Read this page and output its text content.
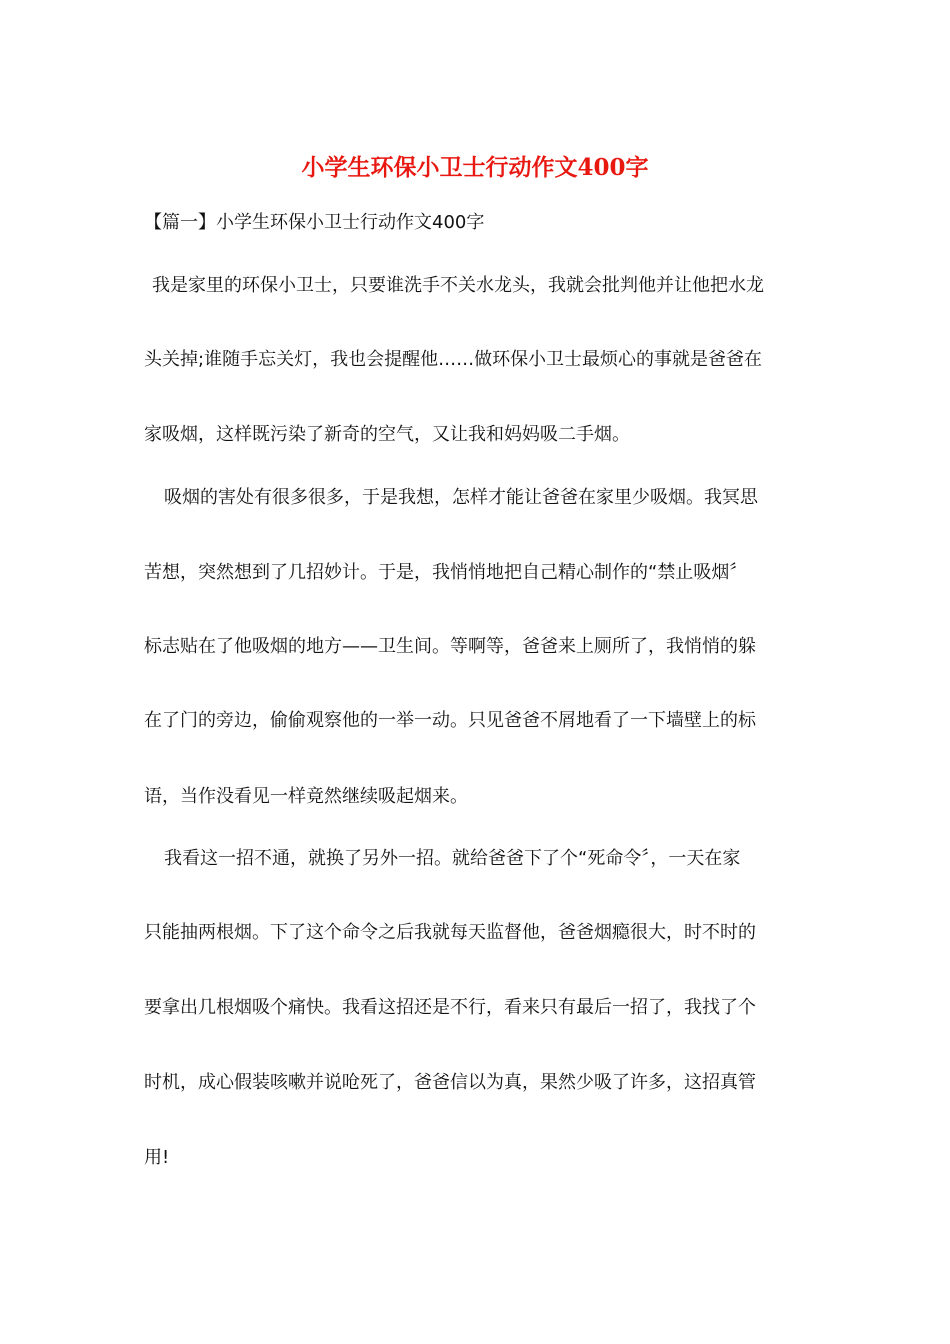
小学生环保小卫士行动作文400字

【篇一】小学生环保小卫士行动作文400字

我是家里的环保小卫士，只要谁洗手不关水龙头，我就会批判他并让他把水龙

头关掉;谁随手忘关灯，我也会提醒他……做环保小卫士最烦心的事就是爸爸在

家吸烟，这样既污染了新奇的空气，又让我和妈妈吸二手烟。

吸烟的害处有很多很多，于是我想，怎样才能让爸爸在家里少吸烟。我冥思

苦想，突然想到了几招妙计。于是，我悄悄地把自己精心制作的“禁止吸烟〞

标志贴在了他吸烟的地方——卫生间。等啊等，爸爸来上厕所了，我悄悄的躲

在了门的旁边，偷偷观察他的一举一动。只见爸爸不屑地看了一下墙壁上的标

语，当作没看见一样竟然继续吸起烟来。

我看这一招不通，就换了另外一招。就给爸爸下了个“死命令〞，一天在家

只能抽两根烟。下了这个命令之后我就每天监督他，爸爸烟瘾很大，时不时的

要拿出几根烟吸个痛快。我看这招还是不行，看来只有最后一招了，我找了个

时机，成心假装咳嗽并说呛死了，爸爸信以为真，果然少吸了许多，这招真管

用!
